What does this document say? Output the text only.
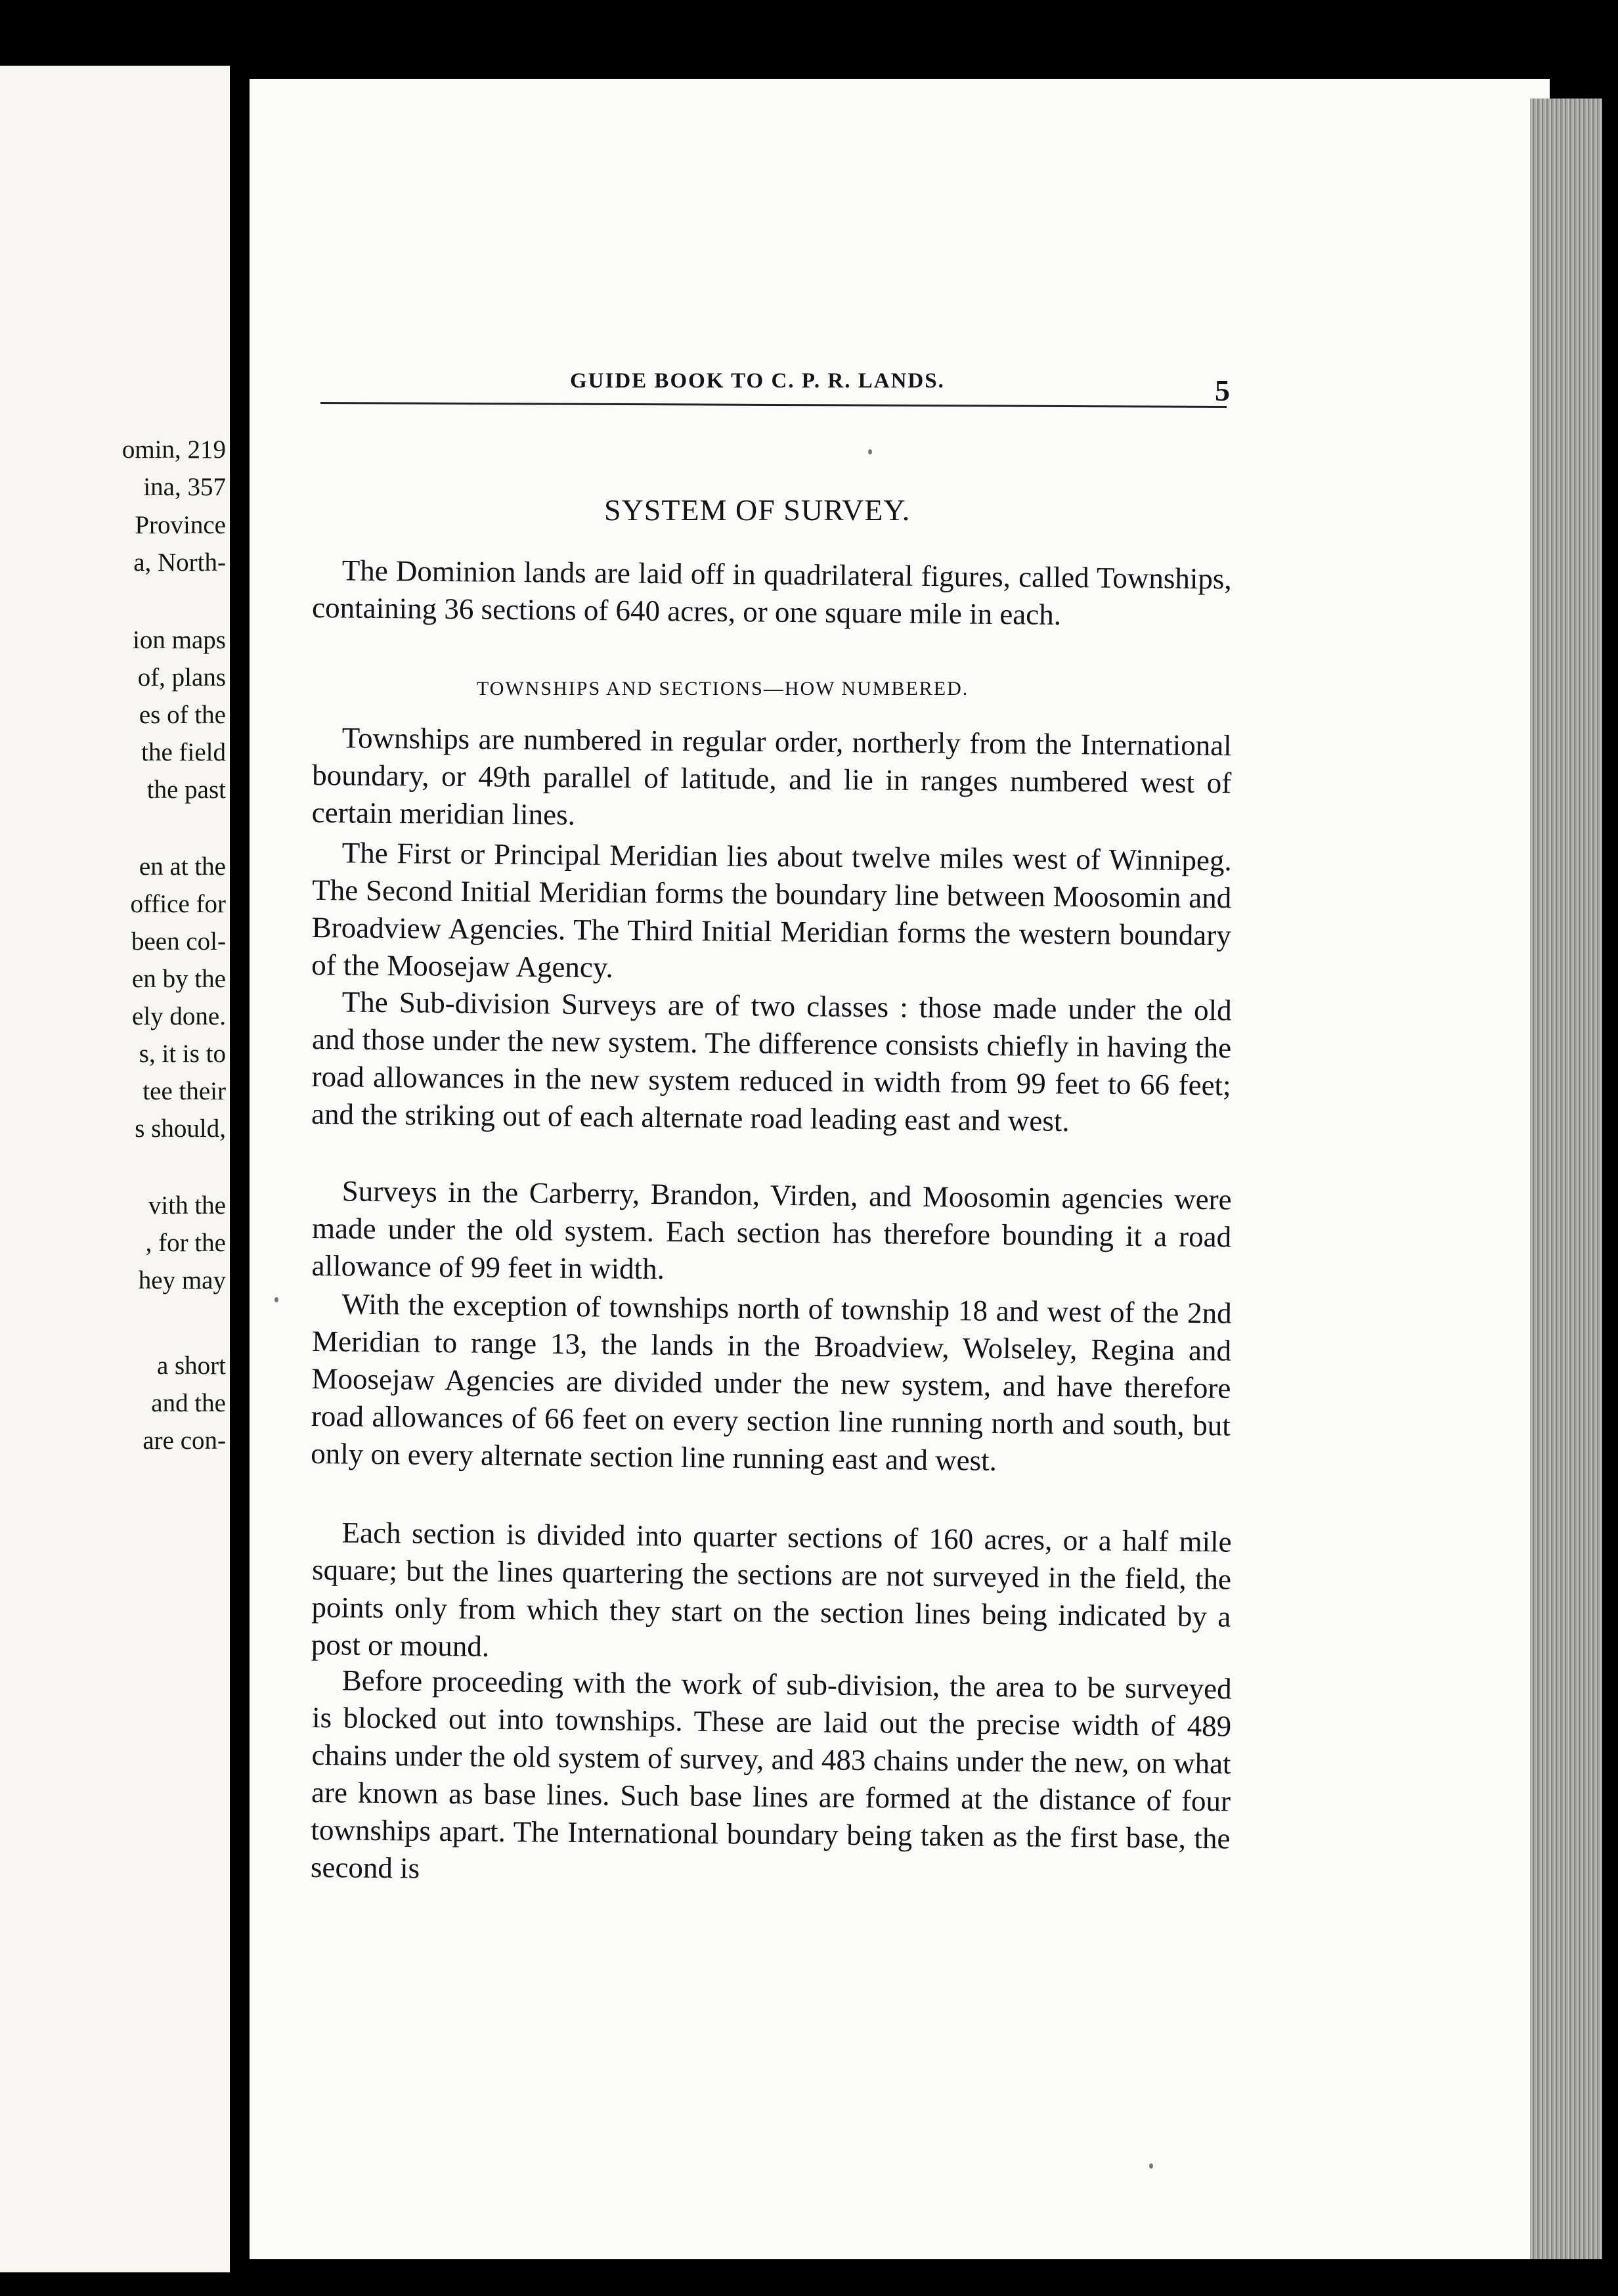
omin, 219
ina, 357
Province
a, North-
ion maps
of, plans
es of the
the field
the past
en at the
office for
been col-
en by the
ely done.
s, it is to
tee their
s should,
vith the
, for the
hey may
a short
and the
are con-
GUIDE BOOK TO C. P. R. LANDS.	5
SYSTEM OF SURVEY.
The Dominion lands are laid off in quadrilateral figures, called Townships, containing 36 sections of 640 acres, or one square mile in each.
TOWNSHIPS AND SECTIONS—HOW NUMBERED.
Townships are numbered in regular order, northerly from the International boundary, or 49th parallel of latitude, and lie in ranges numbered west of certain meridian lines.
The First or Principal Meridian lies about twelve miles west of Winnipeg. The Second Initial Meridian forms the boundary line between Moosomin and Broadview Agencies. The Third Initial Meridian forms the western boundary of the Moosejaw Agency.
The Sub-division Surveys are of two classes : those made under the old and those under the new system. The difference consists chiefly in having the road allowances in the new system reduced in width from 99 feet to 66 feet; and the striking out of each alternate road leading east and west.
Surveys in the Carberry, Brandon, Virden, and Moosomin agencies were made under the old system. Each section has therefore bounding it a road allowance of 99 feet in width.
With the exception of townships north of township 18 and west of the 2nd Meridian to range 13, the lands in the Broadview, Wolseley, Regina and Moosejaw Agencies are divided under the new system, and have therefore road allowances of 66 feet on every section line running north and south, but only on every alternate section line running east and west.
Each section is divided into quarter sections of 160 acres, or a half mile square; but the lines quartering the sections are not surveyed in the field, the points only from which they start on the section lines being indicated by a post or mound.
Before proceeding with the work of sub-division, the area to be surveyed is blocked out into townships. These are laid out the precise width of 489 chains under the old system of survey, and 483 chains under the new, on what are known as base lines. Such base lines are formed at the distance of four townships apart. The International boundary being taken as the first base, the second is
